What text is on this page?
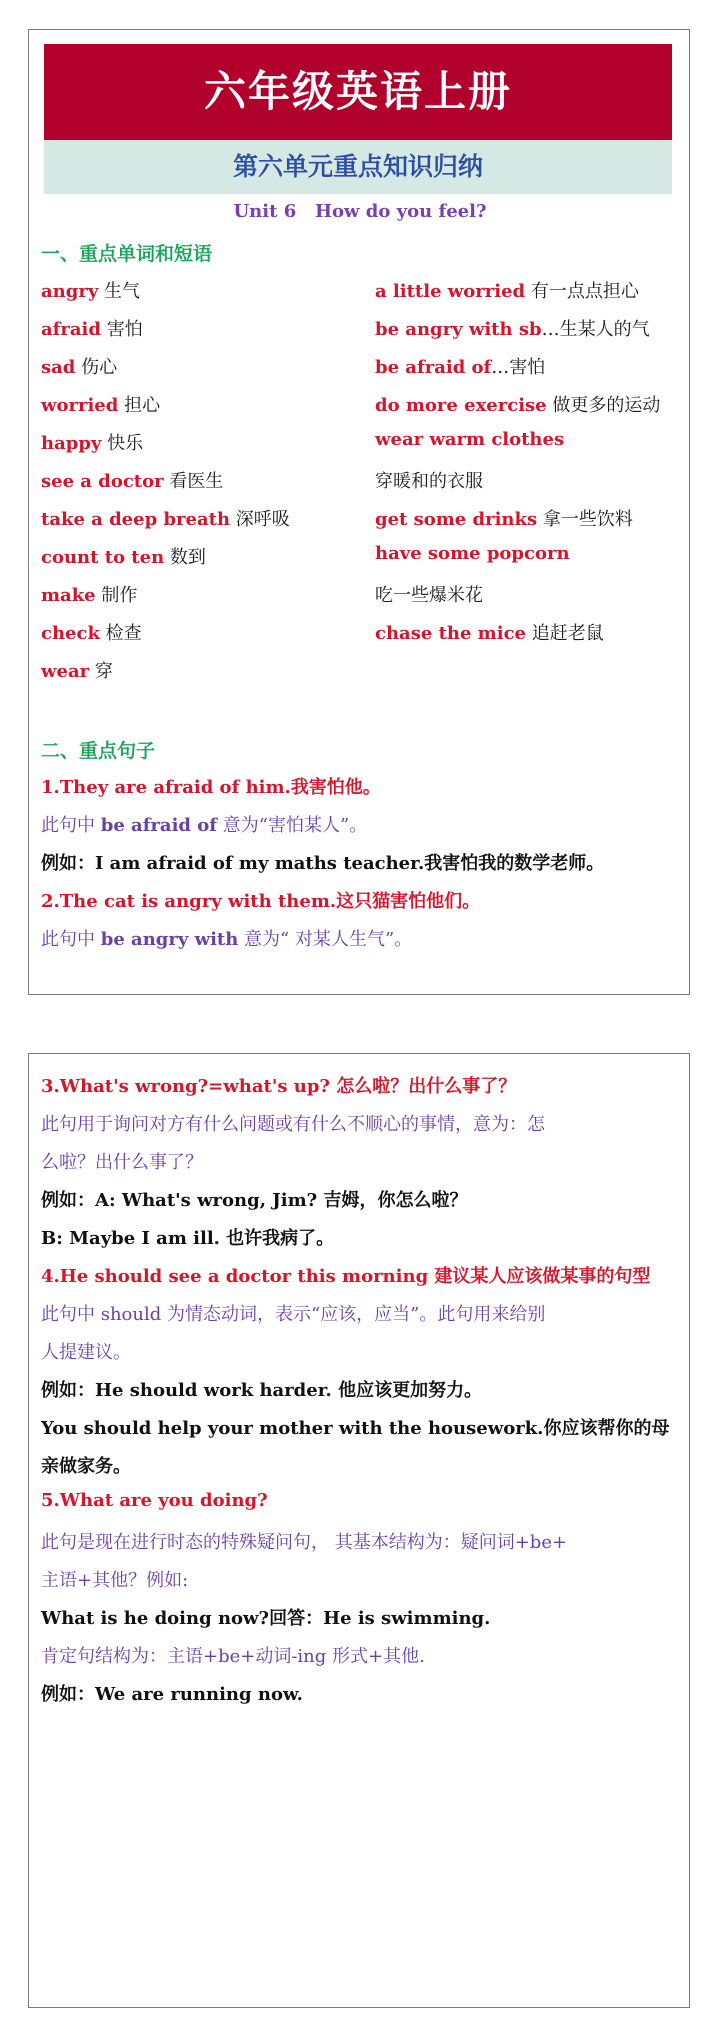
六年级英语上册
第六单元重点知识归纳
Unit 6   How do you feel?
一、重点单词和短语
angry 生气
afraid 害怕
sad 伤心
worried 担心
happy 快乐
see a doctor 看医生
take a deep breath 深呼吸
count to ten 数到
make 制作
check 检查
wear 穿
a little worried 有一点点担心
be angry with sb…生某人的气
be afraid of…害怕
do more exercise 做更多的运动
wear warm clothes
穿暖和的衣服
get some drinks 拿一些饮料
have some popcorn
吃一些爆米花
chase the mice 追赶老鼠
二、重点句子
1.They are afraid of him.我害怕他。
此句中 be afraid of 意为“害怕某人”。
例如：I am afraid of my maths teacher.我害怕我的数学老师。
2.The cat is angry with them.这只猫害怕他们。
此句中 be angry with 意为“ 对某人生气”。
3.What's wrong?=what's up? 怎么啦？出什么事了？
此句用于询问对方有什么问题或有什么不顺心的事情，意为：怎
么啦？出什么事了？
例如：A: What's wrong, Jim? 吉姆，你怎么啦？
B: Maybe I am ill. 也许我病了。
4.He should see a doctor this morning 建议某人应该做某事的句型
此句中 should 为情态动词，表示“应该，应当”。此句用来给别
人提建议。
例如：He should work harder. 他应该更加努力。
You should help your mother with the housework.你应该帮你的母
亲做家务。
5.What are you doing?
此句是现在进行时态的特殊疑问句， 其基本结构为：疑问词+be+
主语+其他？例如:
What is he doing now?回答：He is swimming.
肯定句结构为：主语+be+动词-ing 形式+其他.
例如：We are running now.
